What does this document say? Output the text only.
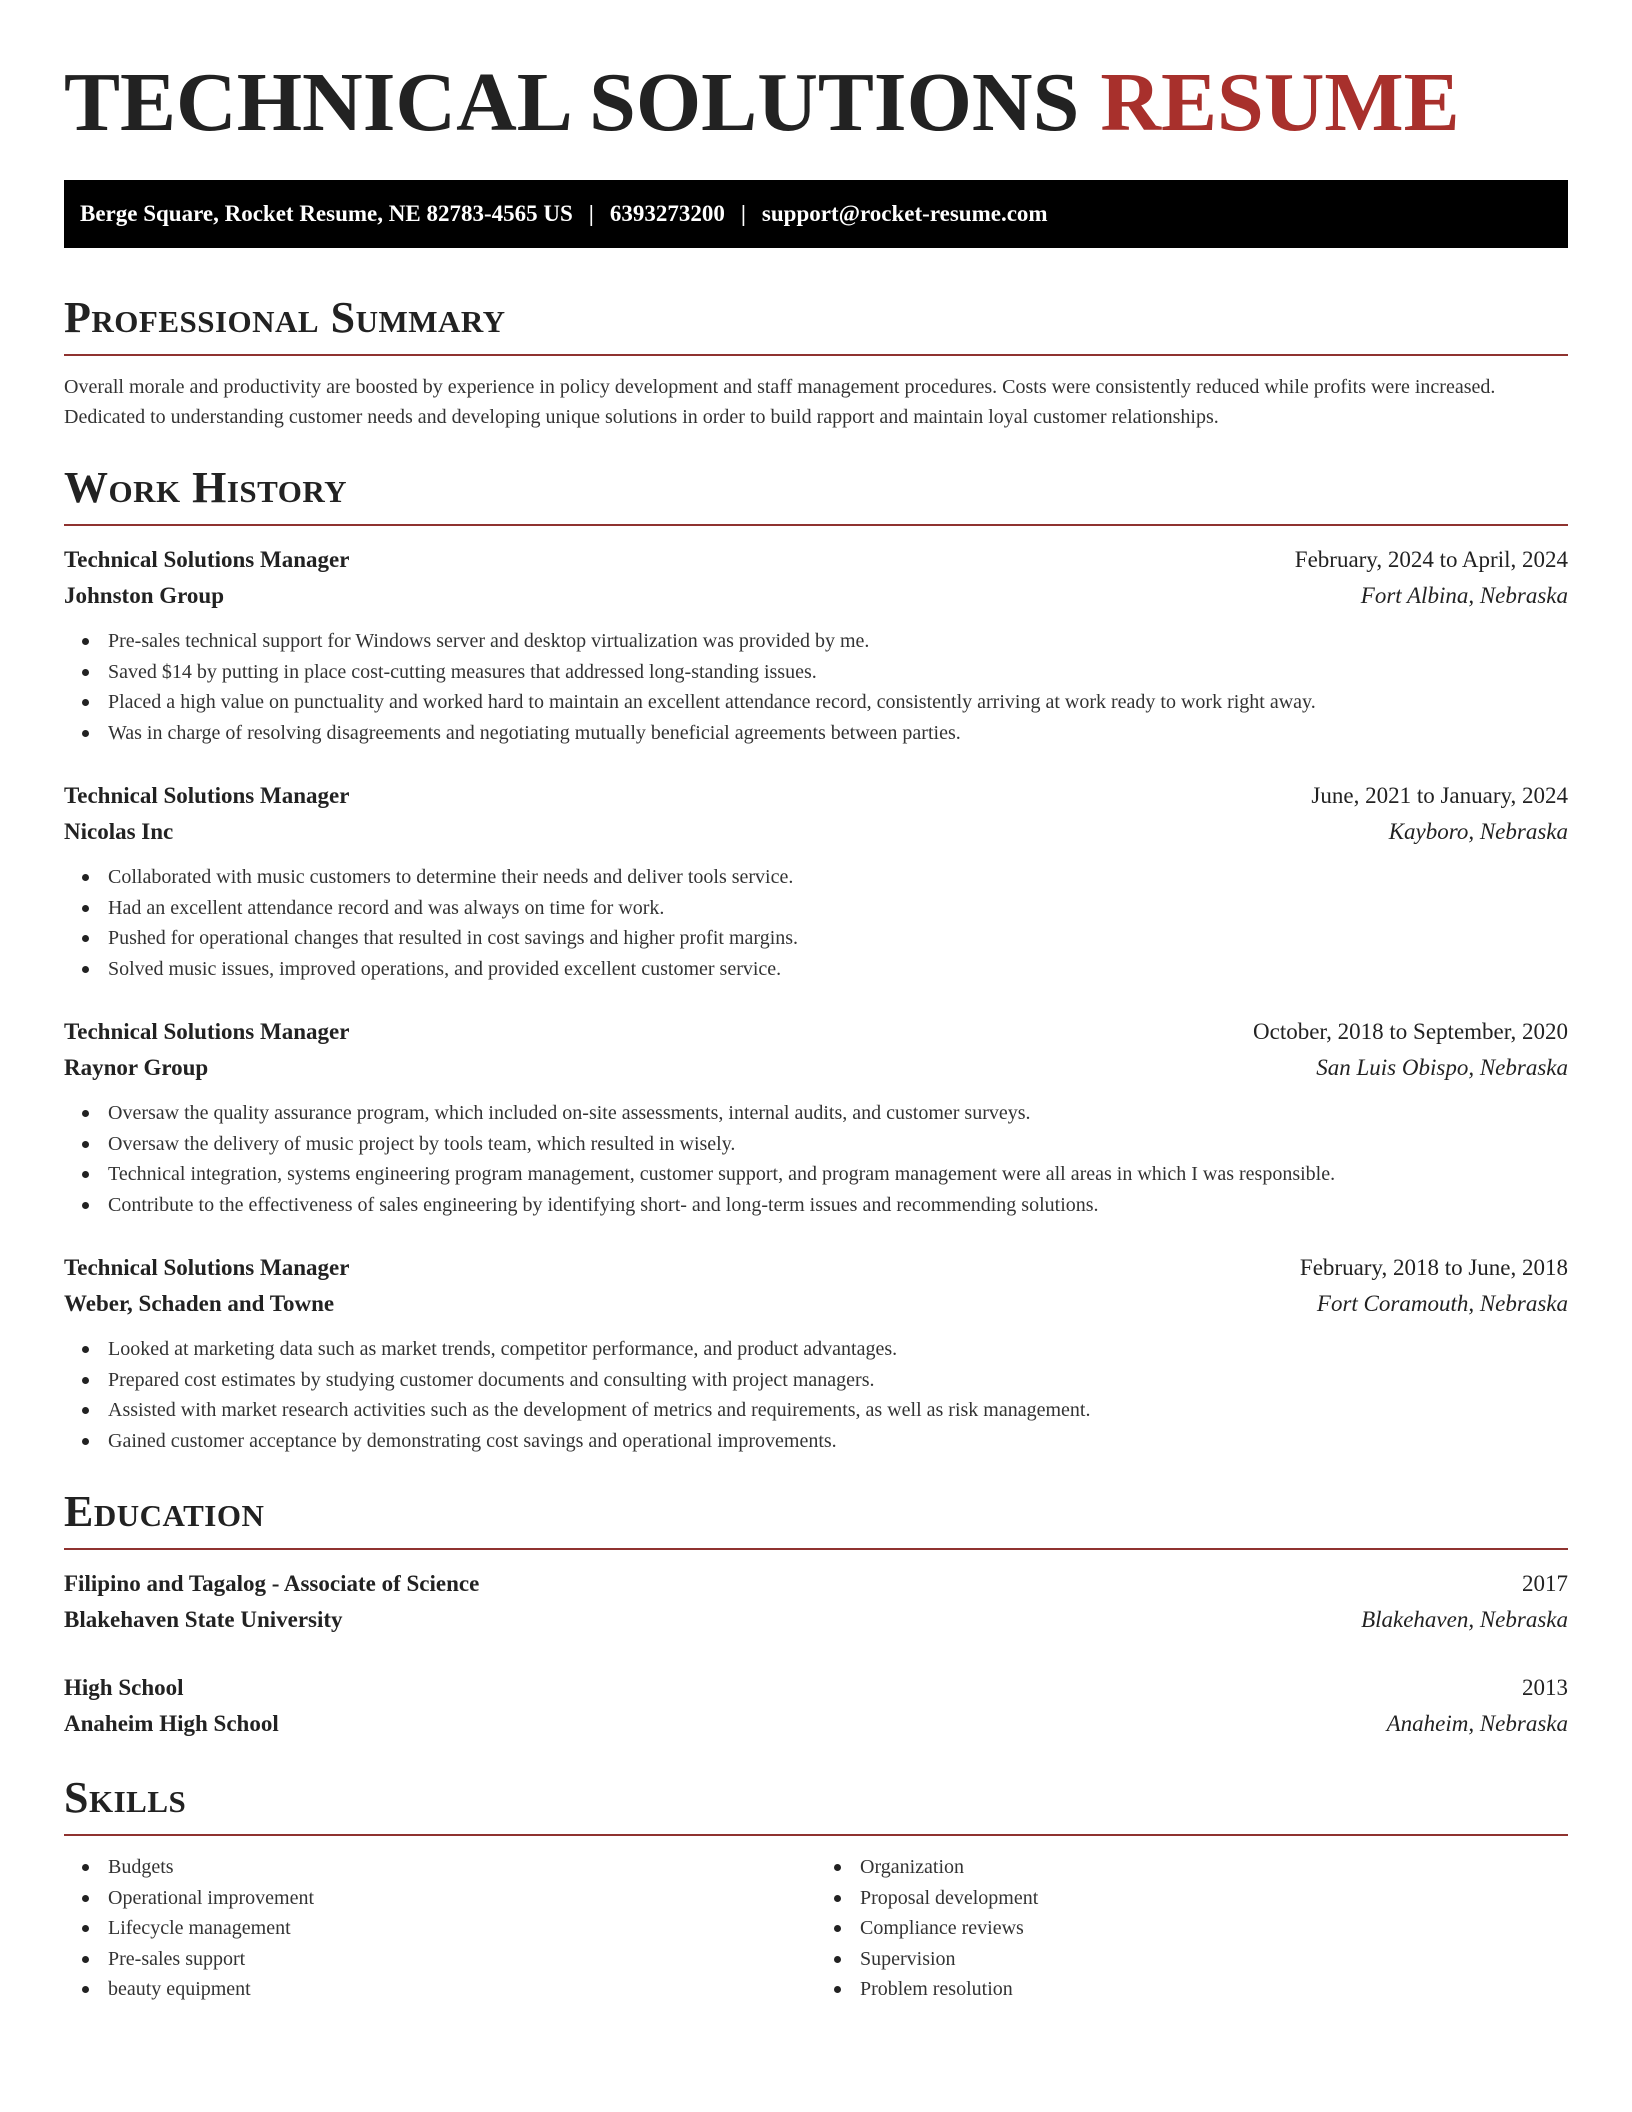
TECHNICAL SOLUTIONS RESUME
Berge Square, Rocket Resume, NE 82783-4565 US | 6393273200 | support@rocket-resume.com
Professional Summary

Overall morale and productivity are boosted by experience in policy development and staff management procedures. Costs were consistently reduced while profits were increased. Dedicated to understanding customer needs and developing unique solutions in order to build rapport and maintain loyal customer relationships.

Work History
Technical Solutions Manager	February, 2024 to April, 2024
Johnston Group	Fort Albina, Nebraska
Pre-sales technical support for Windows server and desktop virtualization was provided by me.
Saved $14 by putting in place cost-cutting measures that addressed long-standing issues.
Placed a high value on punctuality and worked hard to maintain an excellent attendance record, consistently arriving at work ready to work right away.
Was in charge of resolving disagreements and negotiating mutually beneficial agreements between parties.
Technical Solutions Manager	June, 2021 to January, 2024
Nicolas Inc	Kayboro, Nebraska
Collaborated with music customers to determine their needs and deliver tools service.
Had an excellent attendance record and was always on time for work.
Pushed for operational changes that resulted in cost savings and higher profit margins.
Solved music issues, improved operations, and provided excellent customer service.
Technical Solutions Manager	October, 2018 to September, 2020
Raynor Group	San Luis Obispo, Nebraska
Oversaw the quality assurance program, which included on-site assessments, internal audits, and customer surveys.
Oversaw the delivery of music project by tools team, which resulted in wisely.
Technical integration, systems engineering program management, customer support, and program management were all areas in which I was responsible.
Contribute to the effectiveness of sales engineering by identifying short- and long-term issues and recommending solutions.
Technical Solutions Manager	February, 2018 to June, 2018
Weber, Schaden and Towne	Fort Coramouth, Nebraska
Looked at marketing data such as market trends, competitor performance, and product advantages.
Prepared cost estimates by studying customer documents and consulting with project managers.
Assisted with market research activities such as the development of metrics and requirements, as well as risk management.
Gained customer acceptance by demonstrating cost savings and operational improvements.
Education
Filipino and Tagalog - Associate of Science	2017
Blakehaven State University	Blakehaven, Nebraska
High School	2013
Anaheim High School	Anaheim, Nebraska
Skills
Budgets
Operational improvement
Lifecycle management
Pre-sales support
beauty equipment
Organization
Proposal development
Compliance reviews
Supervision
Problem resolution
